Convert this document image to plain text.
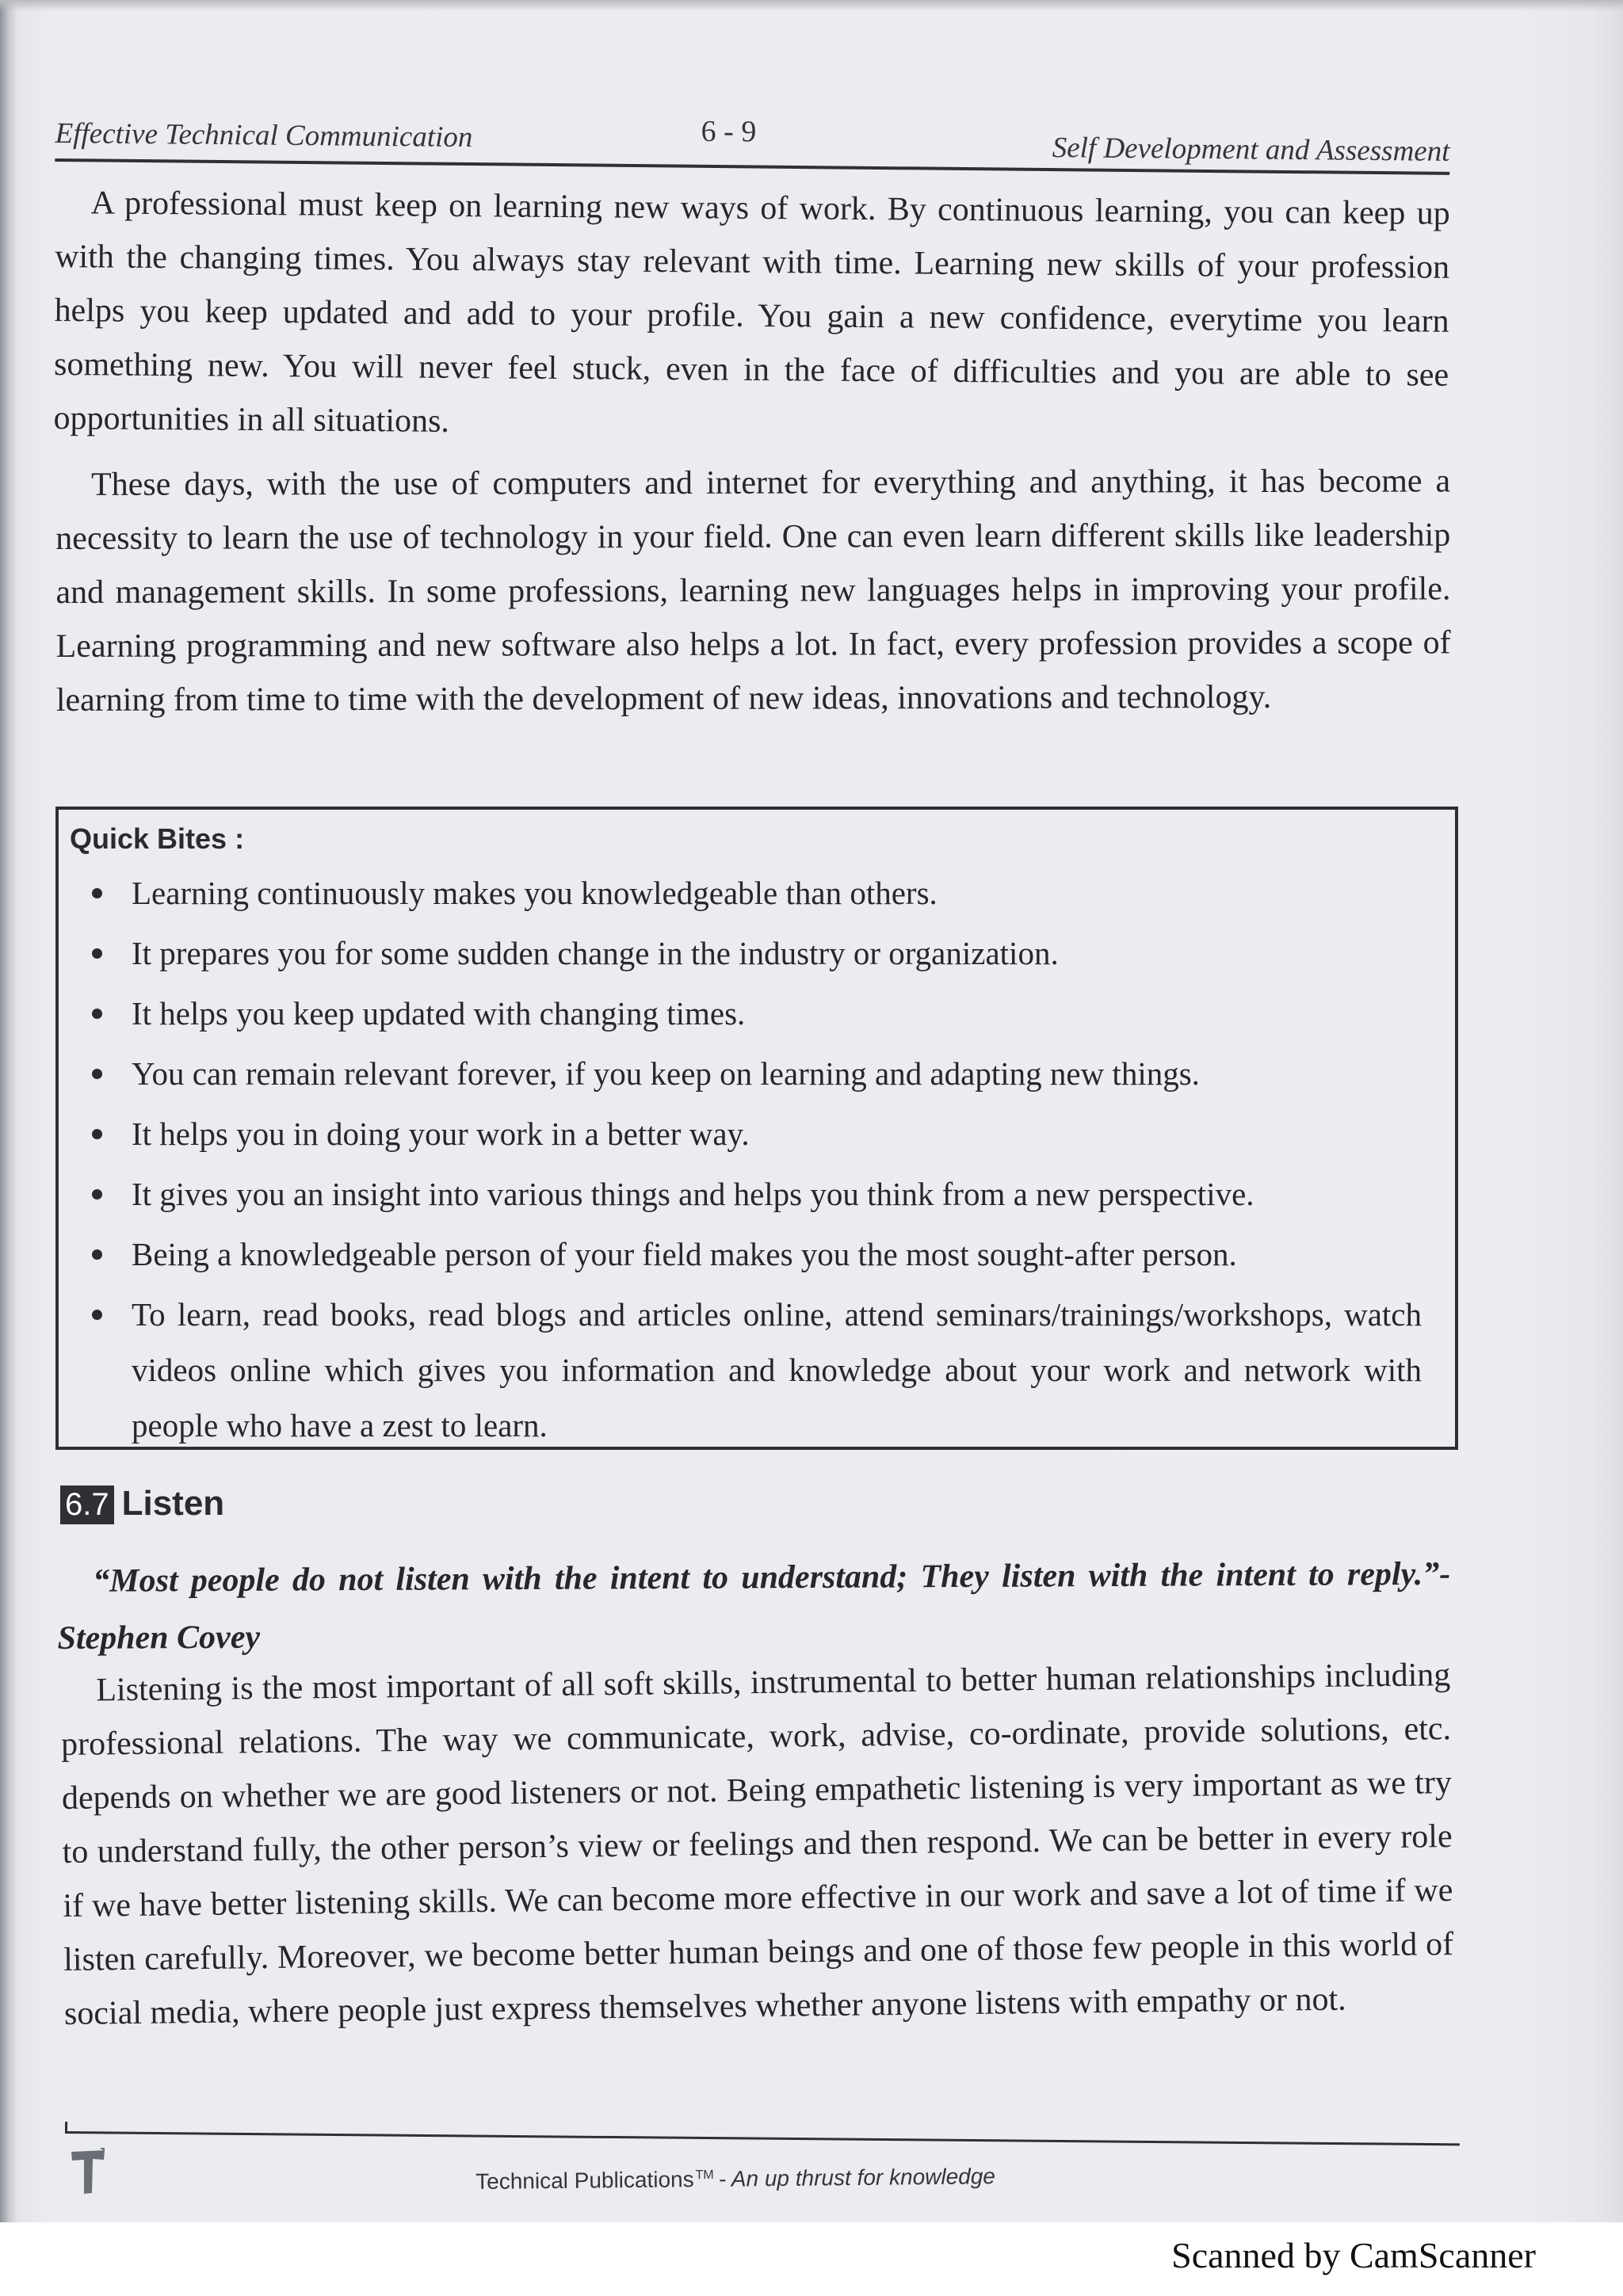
Effective Technical Communication	6 - 9	Self Development and Assessment

A professional must keep on learning new ways of work. By continuous learning, you can keep up with the changing times. You always stay relevant with time. Learning new skills of your profession helps you keep updated and add to your profile. You gain a new confidence, everytime you learn something new. You will never feel stuck, even in the face of difficulties and you are able to see opportunities in all situations.

These days, with the use of computers and internet for everything and anything, it has become a necessity to learn the use of technology in your field. One can even learn different skills like leadership and management skills. In some professions, learning new languages helps in improving your profile. Learning programming and new software also helps a lot. In fact, every profession provides a scope of learning from time to time with the development of new ideas, innovations and technology.

Quick Bites :
Learning continuously makes you knowledgeable than others.
It prepares you for some sudden change in the industry or organization.
It helps you keep updated with changing times.
You can remain relevant forever, if you keep on learning and adapting new things.
It helps you in doing your work in a better way.
It gives you an insight into various things and helps you think from a new perspective.
Being a knowledgeable person of your field makes you the most sought-after person.
To learn, read books, read blogs and articles online, attend seminars/trainings/workshops, watch videos online which gives you information and knowledge about your work and network with people who have a zest to learn.
6.7 Listen

“Most people do not listen with the intent to understand; They listen with the intent to reply.”- Stephen Covey

Listening is the most important of all soft skills, instrumental to better human relationships including professional relations. The way we communicate, work, advise, co-ordinate, provide solutions, etc. depends on whether we are good listeners or not. Being empathetic listening is very important as we try to understand fully, the other person’s view or feelings and then respond. We can be better in every role if we have better listening skills. We can become more effective in our work and save a lot of time if we listen carefully. Moreover, we become better human beings and one of those few people in this world of social media, where people just express themselves whether anyone listens with empathy or not.

Technical Publications ™ - An up thrust for knowledge
Scanned by CamScanner
